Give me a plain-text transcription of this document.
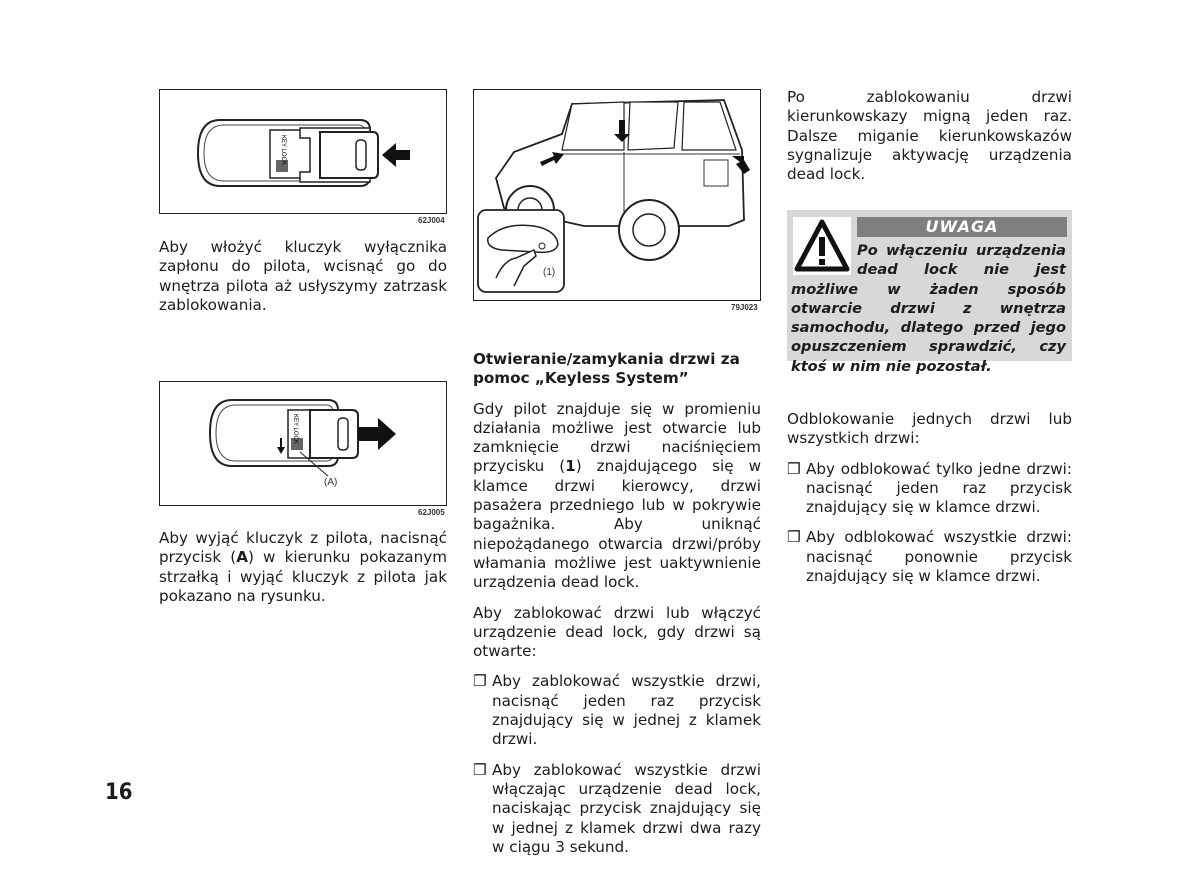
KEY LOCK
62J004
KEY LOCK
(A)
62J005
(1)
79J023

Aby włożyć kluczyk wyłącznika zapłonu do pilota, wcisnąć go do wnętrza pilota aż usłyszymy zatrzask zablokowania.

Aby wyjąć kluczyk z pilota, nacisnąć przycisk (A) w kierunku pokazanym strzałką i wyjąć kluczyk z pilota jak pokazano na rysunku.

Otwieranie/zamykania drzwi za pomoc „Keyless System”

Gdy pilot znajduje się w promieniu działania możliwe jest otwarcie lub zamknięcie drzwi naciśnięciem przycisku (1) znajdującego się w klamce drzwi kierowcy, drzwi pasażera przedniego lub w pokrywie bagażnika. Aby uniknąć niepożądanego otwarcia drzwi/próby włamania możliwe jest uaktywnienie urządzenia dead lock.

Aby zablokować drzwi lub włączyć urządzenie dead lock, gdy drzwi są otwarte:

❒ Aby zablokować wszystkie drzwi, nacisnąć jeden raz przycisk znajdujący się w jednej z klamek drzwi.
❒ Aby zablokować wszystkie drzwi włączając urządzenie dead lock, naciskając przycisk znajdujący się w jednej z klamek drzwi dwa razy w ciągu 3 sekund.

Po zablokowaniu drzwi kierunkowskazy migną jeden raz. Dalsze miganie kierunkowskazów sygnalizuje aktywację urządzenia dead lock.

UWAGA
Po włączeniu urządzenia dead lock nie jest możliwe w żaden sposób otwarcie drzwi z wnętrza samochodu, dlatego przed jego opuszczeniem sprawdzić, czy ktoś w nim nie pozostał.

Odblokowanie jednych drzwi lub wszystkich drzwi:

❒ Aby odblokować tylko jedne drzwi: nacisnąć jeden raz przycisk znajdujący się w klamce drzwi.
❒ Aby odblokować wszystkie drzwi: nacisnąć ponownie przycisk znajdujący się w klamce drzwi.
16
